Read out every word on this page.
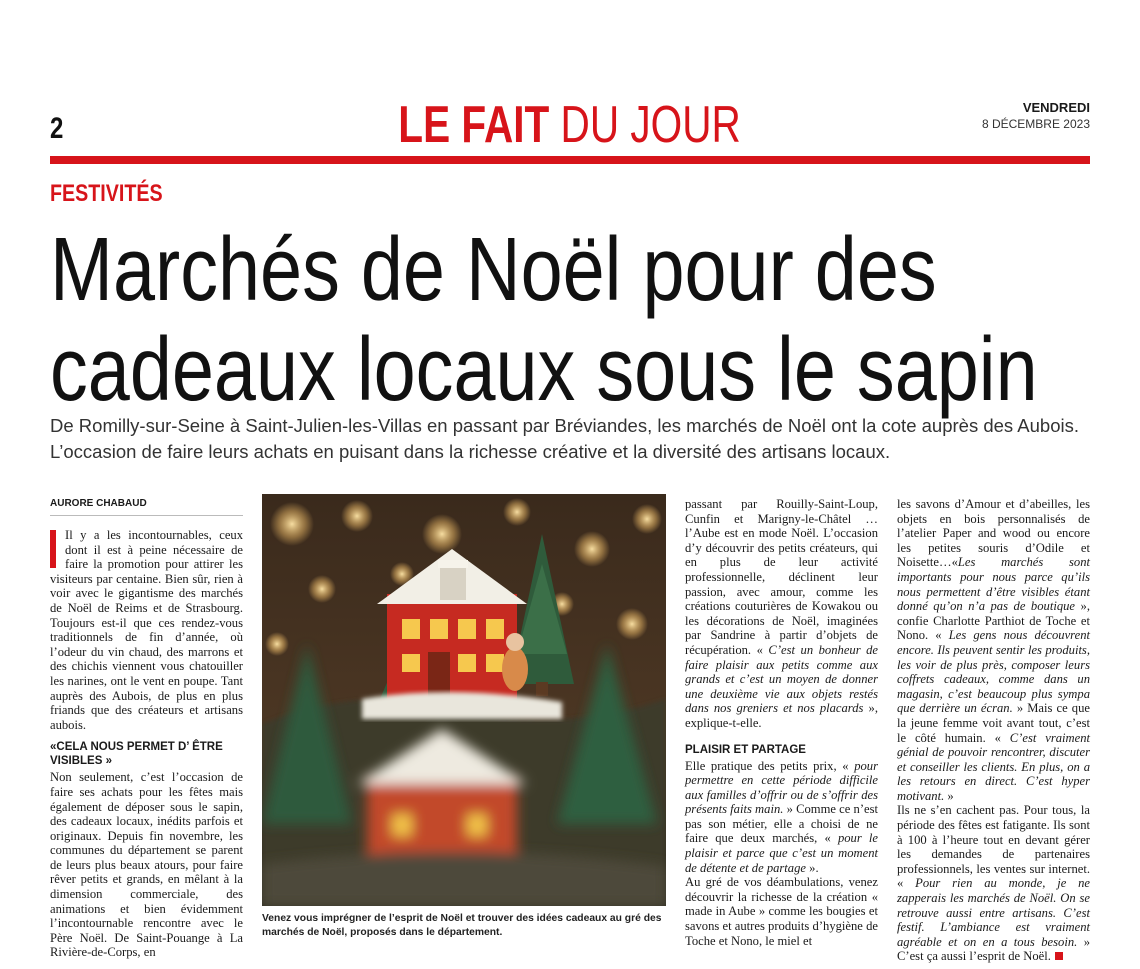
2	LE FAIT DU JOUR	VENDREDI
8 DÉCEMBRE 2023
FESTIVITÉS
Marchés de Noël pour des
cadeaux locaux sous le sapin
De Romilly-sur-Seine à Saint-Julien-les-Villas en passant par Bréviandes, les marchés de Noël ont la cote auprès des Aubois.
L’occasion de faire leurs achats en puisant dans la richesse créative et la diversité des artisans locaux.
AURORE CHABAUD

Il y a les incontournables, ceux dont il est à peine nécessaire de faire la promotion pour attirer les visiteurs par centaine. Bien sûr, rien à voir avec le gigantisme des marchés de Noël de Reims et de Strasbourg. Toujours est-il que ces rendez-vous traditionnels de fin d’année, où l’odeur du vin chaud, des marrons et des chichis viennent vous chatouiller les narines, ont le vent en poupe. Tant auprès des Aubois, de plus en plus friands que des créateurs et artisans aubois.

«CELA NOUS PERMET D’ ÊTRE VISIBLES »

Non seulement, c’est l’occasion de faire ses achats pour les fêtes mais également de déposer sous le sapin, des cadeaux locaux, inédits parfois et originaux. Depuis fin novembre, les communes du département se parent de leurs plus beaux atours, pour faire rêver petits et grands, en mêlant à la dimension commerciale, des animations et bien évidemment l’incontournable rencontre avec le Père Noël. De Saint-Pouange à La Rivière-de-Corps, en

Venez vous imprégner de l’esprit de Noël et trouver des idées cadeaux au gré des marchés de Noël, proposés dans le département.

passant par Rouilly-Saint-Loup, Cunfin et Marigny-le-Châtel …l’Aube est en mode Noël. L’occasion d’y découvrir des petits créateurs, qui en plus de leur activité professionnelle, déclinent leur passion, avec amour, comme les créations couturières de Kowakou ou les décorations de Noël, imaginées par Sandrine à partir d’objets de récupération. « C’est un bonheur de faire plaisir aux petits comme aux grands et c’est un moyen de donner une deuxième vie aux objets restés dans nos greniers et nos placards », explique-t-elle.

PLAISIR ET PARTAGE

Elle pratique des petits prix, « pour permettre en cette période difficile aux familles d’offrir ou de s’offrir des présents faits main. » Comme ce n’est pas son métier, elle a choisi de ne faire que deux marchés, « pour le plaisir et parce que c’est un moment de détente et de partage ».

Au gré de vos déambulations, venez découvrir la richesse de la création « made in Aube » comme les bougies et savons et autres produits d’hygiène de Toche et Nono, le miel et

les savons d’Amour et d’abeilles, les objets en bois personnalisés de l’atelier Paper and wood ou encore les petites souris d’Odile et Noisette…«Les marchés sont importants pour nous parce qu’ils nous permettent d’être visibles étant donné qu’on n’a pas de boutique », confie Charlotte Parthiot de Toche et Nono. « Les gens nous découvrent encore. Ils peuvent sentir les produits, les voir de plus près, composer leurs coffrets cadeaux, comme dans un magasin, c’est beaucoup plus sympa que derrière un écran. » Mais ce que la jeune femme voit avant tout, c’est le côté humain. « C’est vraiment génial de pouvoir rencontrer, discuter et conseiller les clients. En plus, on a les retours en direct. C’est hyper motivant. »

Ils ne s’en cachent pas. Pour tous, la période des fêtes est fatigante. Ils sont à 100 à l’heure tout en devant gérer les demandes de partenaires professionnels, les ventes sur internet. « Pour rien au monde, je ne zapperais les marchés de Noël. On se retrouve aussi entre artisans. C’est festif. L’ambiance est vraiment agréable et on en a tous besoin. » C’est ça aussi l’esprit de Noël.
